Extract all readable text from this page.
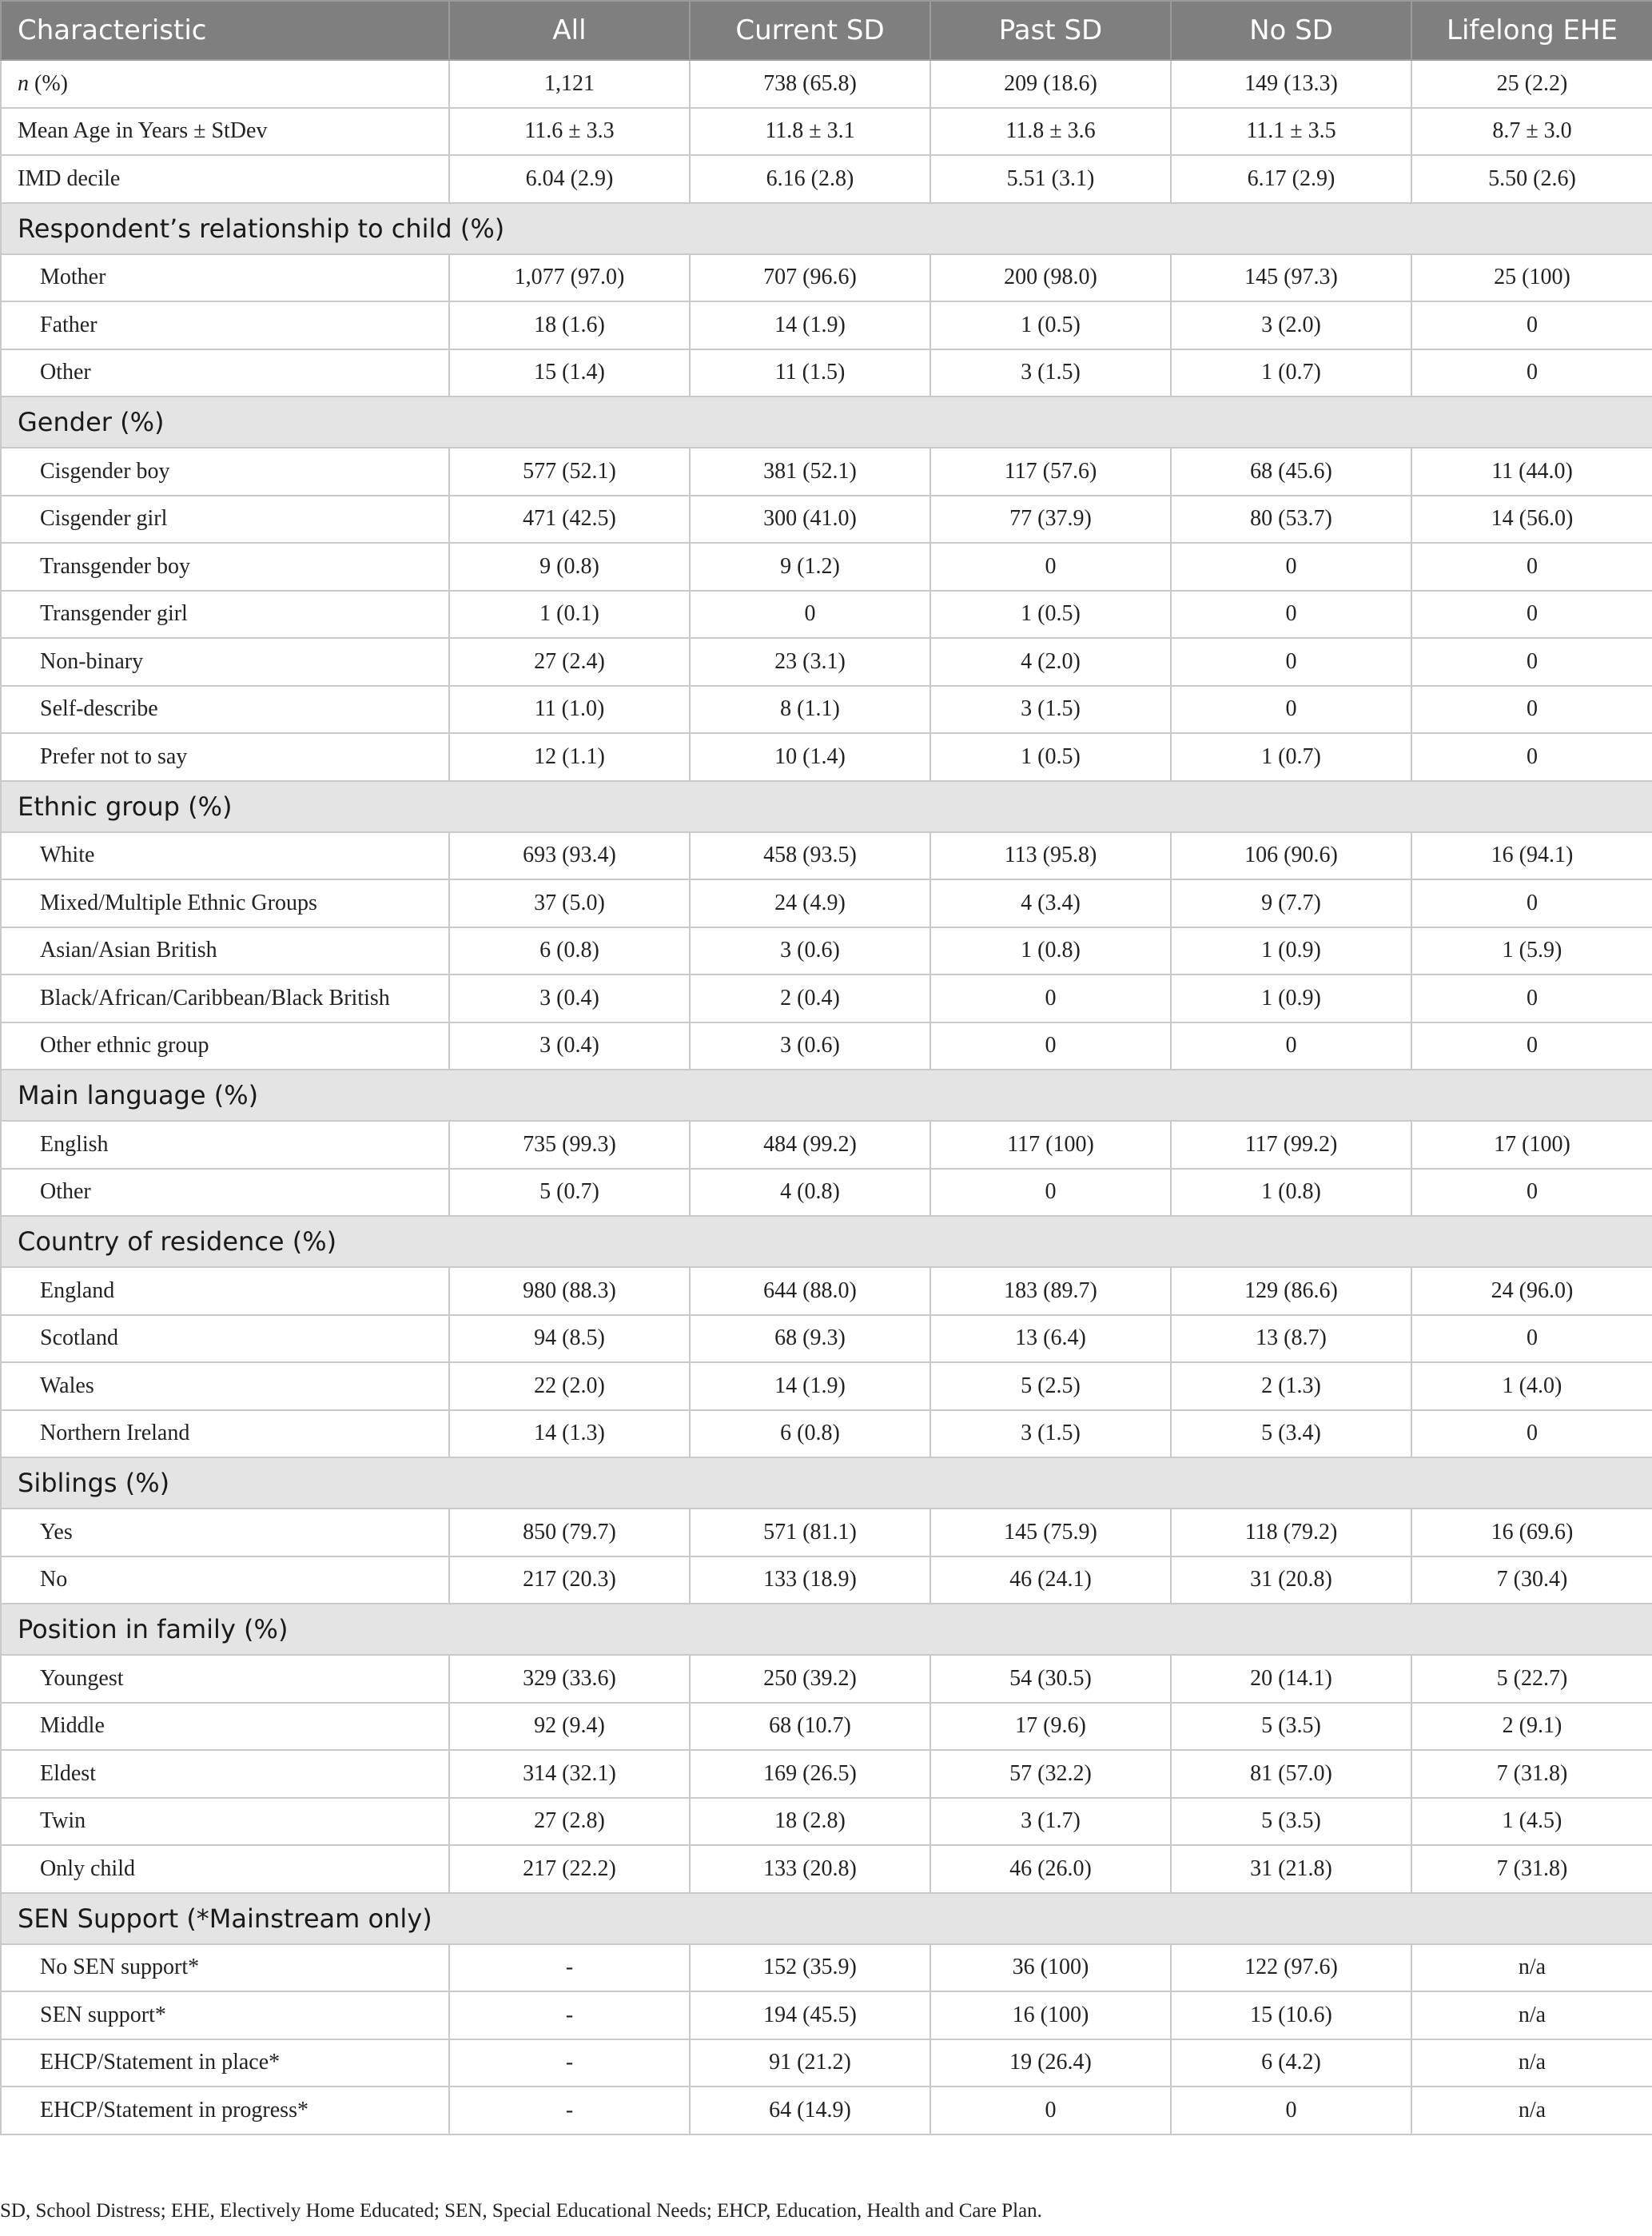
Characteristic	All	Current SD	Past SD	No SD	Lifelong EHE
n (%)	1,121	738 (65.8)	209 (18.6)	149 (13.3)	25 (2.2)
Mean Age in Years ± StDev	11.6 ± 3.3	11.8 ± 3.1	11.8 ± 3.6	11.1 ± 3.5	8.7 ± 3.0
IMD decile	6.04 (2.9)	6.16 (2.8)	5.51 (3.1)	6.17 (2.9)	5.50 (2.6)
Respondent’s relationship to child (%)					
Mother	1,077 (97.0)	707 (96.6)	200 (98.0)	145 (97.3)	25 (100)
Father	18 (1.6)	14 (1.9)	1 (0.5)	3 (2.0)	0
Other	15 (1.4)	11 (1.5)	3 (1.5)	1 (0.7)	0
Gender (%)					
Cisgender boy	577 (52.1)	381 (52.1)	117 (57.6)	68 (45.6)	11 (44.0)
Cisgender girl	471 (42.5)	300 (41.0)	77 (37.9)	80 (53.7)	14 (56.0)
Transgender boy	9 (0.8)	9 (1.2)	0	0	0
Transgender girl	1 (0.1)	0	1 (0.5)	0	0
Non-binary	27 (2.4)	23 (3.1)	4 (2.0)	0	0
Self-describe	11 (1.0)	8 (1.1)	3 (1.5)	0	0
Prefer not to say	12 (1.1)	10 (1.4)	1 (0.5)	1 (0.7)	0
Ethnic group (%)					
White	693 (93.4)	458 (93.5)	113 (95.8)	106 (90.6)	16 (94.1)
Mixed/Multiple Ethnic Groups	37 (5.0)	24 (4.9)	4 (3.4)	9 (7.7)	0
Asian/Asian British	6 (0.8)	3 (0.6)	1 (0.8)	1 (0.9)	1 (5.9)
Black/African/Caribbean/Black British	3 (0.4)	2 (0.4)	0	1 (0.9)	0
Other ethnic group	3 (0.4)	3 (0.6)	0	0	0
Main language (%)					
English	735 (99.3)	484 (99.2)	117 (100)	117 (99.2)	17 (100)
Other	5 (0.7)	4 (0.8)	0	1 (0.8)	0
Country of residence (%)					
England	980 (88.3)	644 (88.0)	183 (89.7)	129 (86.6)	24 (96.0)
Scotland	94 (8.5)	68 (9.3)	13 (6.4)	13 (8.7)	0
Wales	22 (2.0)	14 (1.9)	5 (2.5)	2 (1.3)	1 (4.0)
Northern Ireland	14 (1.3)	6 (0.8)	3 (1.5)	5 (3.4)	0
Siblings (%)					
Yes	850 (79.7)	571 (81.1)	145 (75.9)	118 (79.2)	16 (69.6)
No	217 (20.3)	133 (18.9)	46 (24.1)	31 (20.8)	7 (30.4)
Position in family (%)					
Youngest	329 (33.6)	250 (39.2)	54 (30.5)	20 (14.1)	5 (22.7)
Middle	92 (9.4)	68 (10.7)	17 (9.6)	5 (3.5)	2 (9.1)
Eldest	314 (32.1)	169 (26.5)	57 (32.2)	81 (57.0)	7 (31.8)
Twin	27 (2.8)	18 (2.8)	3 (1.7)	5 (3.5)	1 (4.5)
Only child	217 (22.2)	133 (20.8)	46 (26.0)	31 (21.8)	7 (31.8)
SEN Support (*Mainstream only)					
No SEN support*	-	152 (35.9)	36 (100)	122 (97.6)	n/a
SEN support*	-	194 (45.5)	16 (100)	15 (10.6)	n/a
EHCP/Statement in place*	-	91 (21.2)	19 (26.4)	6 (4.2)	n/a
EHCP/Statement in progress*	-	64 (14.9)	0	0	n/a
SD, School Distress; EHE, Electively Home Educated; SEN, Special Educational Needs; EHCP, Education, Health and Care Plan.
